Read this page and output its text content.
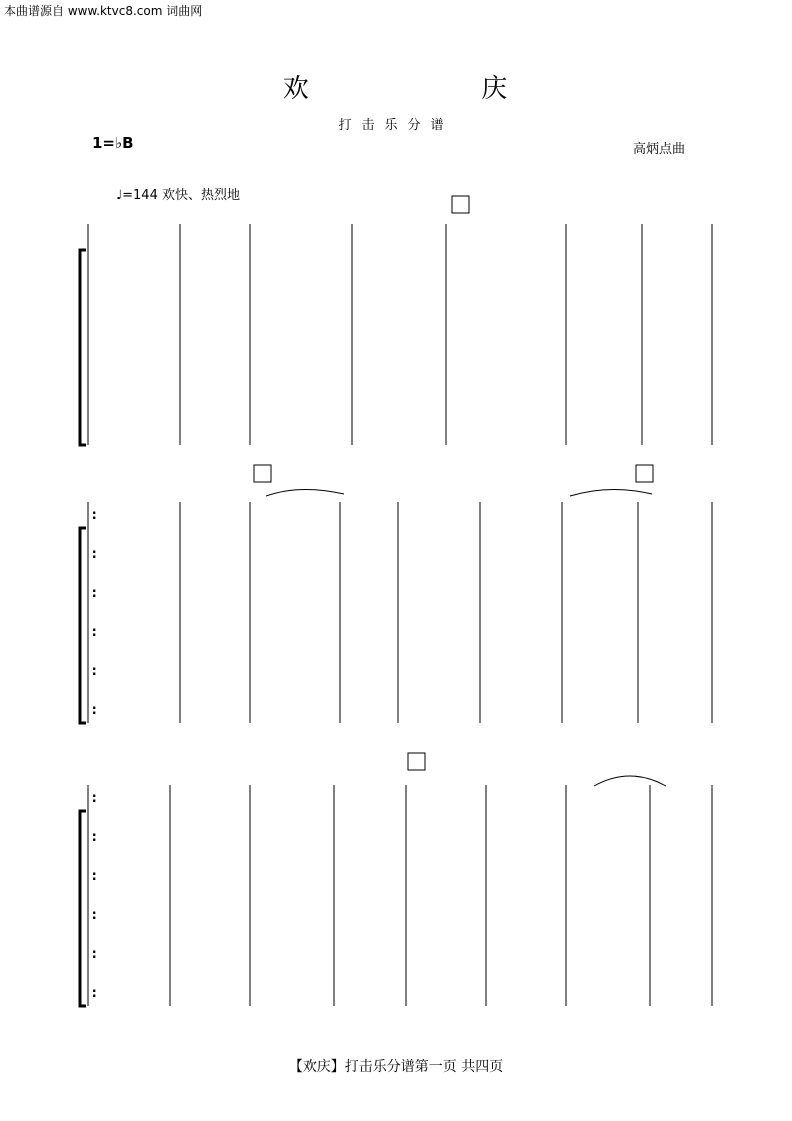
本曲谱源自 www.ktvc8.com 词曲网
欢	庆
打击乐分谱
1=♭B	高炳点曲
♩=144 欢快、热烈地
:
:
:
:
:
:
:
:
:
:
:
:
【欢庆】打击乐分谱第一页 共四页
